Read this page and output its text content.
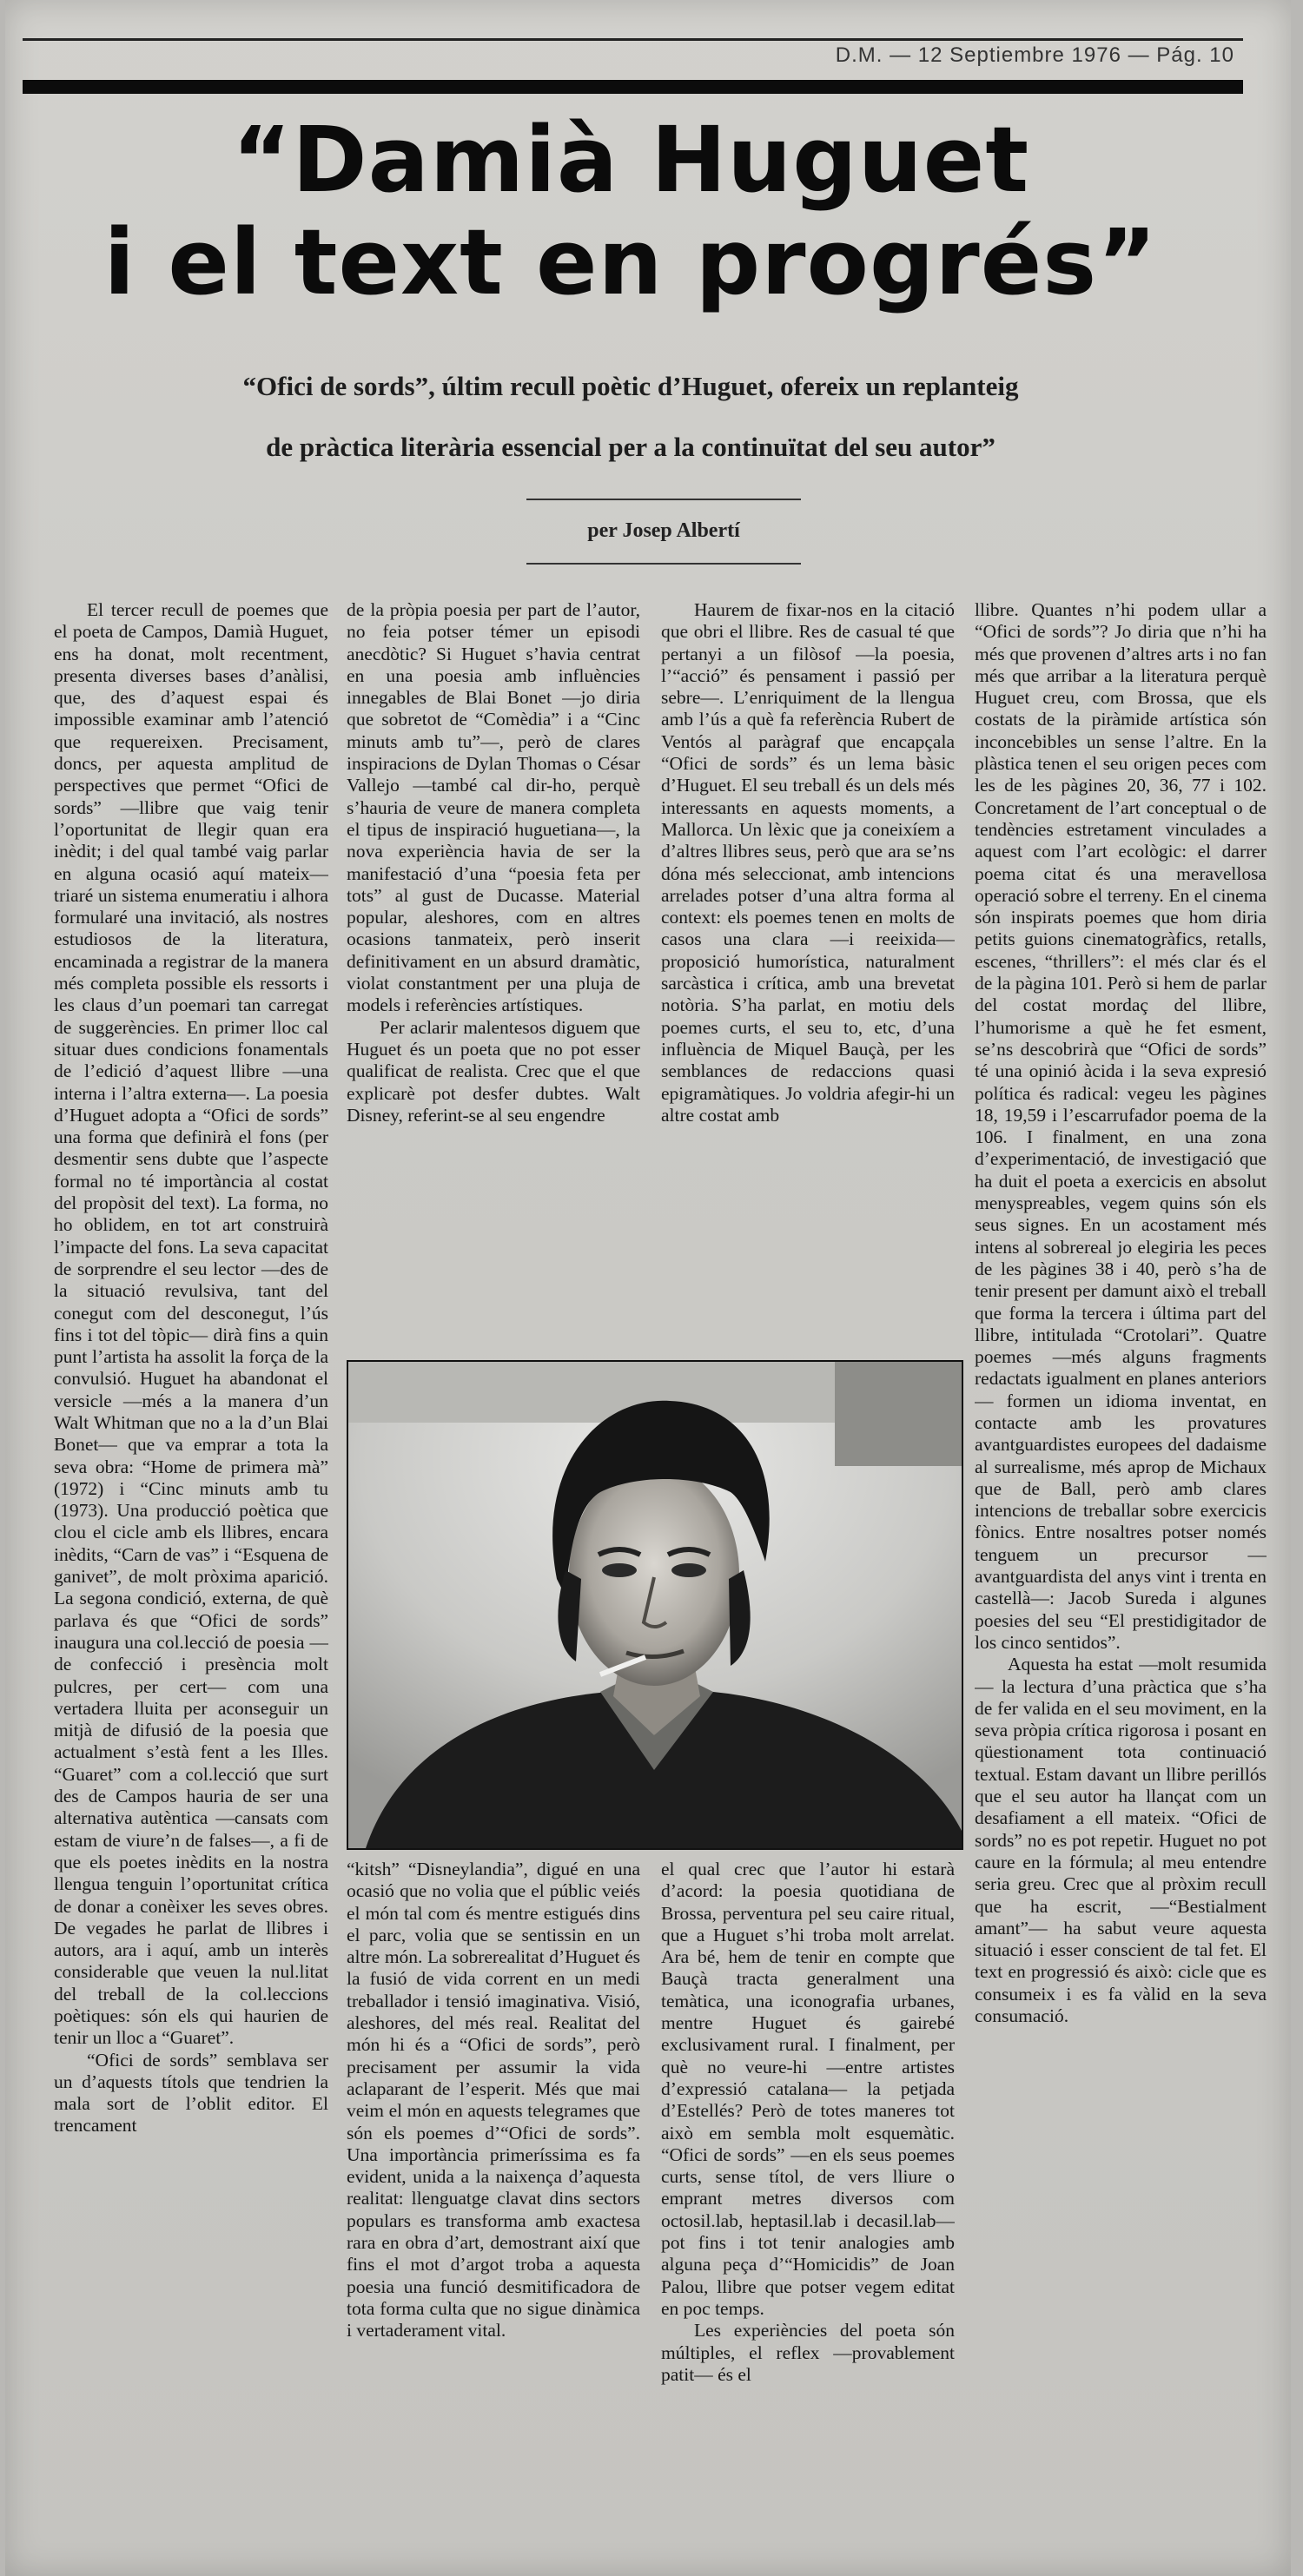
D.M. — 12 Septiembre 1976 — Pág. 10
“Damià Huguet
i el text en progrés”
“Ofici de sords”, últim recull poètic d’Huguet, ofereix un replanteig
de pràctica literària essencial per a la continuïtat del seu autor”
per Josep Albertí

El tercer recull de poemes que el poeta de Campos, Damià Huguet, ens ha donat, molt recentment, presenta diverses bases d’anàlisi, que, des d’aquest espai és impossible examinar amb l’atenció que requereixen. Precisament, doncs, per aquesta amplitud de perspectives que permet “Ofici de sords” —llibre que vaig tenir l’oportunitat de llegir quan era inèdit; i del qual també vaig parlar en alguna ocasió aquí mateix— triaré un sistema enumeratiu i alhora formularé una invitació, als nostres estudiosos de la literatura, encaminada a registrar de la manera més completa possible els ressorts i les claus d’un poemari tan carregat de suggerències. En primer lloc cal situar dues condicions fonamentals de l’edició d’aquest llibre —una interna i l’altra externa—. La poesia d’Huguet adopta a “Ofici de sords” una forma que definirà el fons (per desmentir sens dubte que l’aspecte formal no té importància al costat del propòsit del text). La forma, no ho oblidem, en tot art construirà l’impacte del fons. La seva capacitat de sorprendre el seu lector —des de la situació revulsiva, tant del conegut com del desconegut, l’ús fins i tot del tòpic— dirà fins a quin punt l’artista ha assolit la força de la convulsió. Huguet ha abandonat el versicle —més a la manera d’un Walt Whitman que no a la d’un Blai Bonet— que va emprar a tota la seva obra: “Home de primera mà” (1972) i “Cinc minuts amb tu (1973). Una producció poètica que clou el cicle amb els llibres, encara inèdits, “Carn de vas” i “Esquena de ganivet”, de molt pròxima aparició. La segona condició, externa, de què parlava és que “Ofici de sords” inaugura una col.lecció de poesia —de confecció i presència molt pulcres, per cert— com una vertadera lluita per aconseguir un mitjà de difusió de la poesia que actualment s’està fent a les Illes. “Guaret” com a col.lecció que surt des de Campos hauria de ser una alternativa autèntica —cansats com estam de viure’n de falses—, a fi de que els poetes inèdits en la nostra llengua tenguin l’oportunitat crítica de donar a conèixer les seves obres. De vegades he parlat de llibres i autors, ara i aquí, amb un interès considerable que veuen la nul.litat del treball de la col.leccions poètiques: són els qui haurien de tenir un lloc a “Guaret”.

“Ofici de sords” semblava ser un d’aquests títols que tendrien la mala sort de l’oblit editor. El trencament

de la pròpia poesia per part de l’autor, no feia potser témer un episodi anecdòtic? Si Huguet s’havia centrat en una poesia amb influències innegables de Blai Bonet —jo diria que sobretot de “Comèdia” i a “Cinc minuts amb tu”—, però de clares inspiracions de Dylan Thomas o César Vallejo —també cal dir-ho, perquè s’hauria de veure de manera completa el tipus de inspiració huguetiana—, la nova experiència havia de ser la manifestació d’una “poesia feta per tots” al gust de Ducasse. Material popular, aleshores, com en altres ocasions tanmateix, però inserit definitivament en un absurd dramàtic, violat constantment per una pluja de models i referències artístiques.

Per aclarir malentesos diguem que Huguet és un poeta que no pot esser qualificat de realista. Crec que el que explicarè pot desfer dubtes. Walt Disney, referint-se al seu engendre

Haurem de fixar-nos en la citació que obri el llibre. Res de casual té que pertanyi a un filòsof —la poesia, l’“acció” és pensament i passió per sebre—. L’enriquiment de la llengua amb l’ús a què fa referència Rubert de Ventós al paràgraf que encapçala “Ofici de sords” és un lema bàsic d’Huguet. El seu treball és un dels més interessants en aquests moments, a Mallorca. Un lèxic que ja coneixíem a d’altres llibres seus, però que ara se’ns dóna més seleccionat, amb intencions arrelades potser d’una altra forma al context: els poemes tenen en molts de casos una clara —i reeixida— proposició humorística, naturalment sarcàstica i crítica, amb una brevetat notòria. S’ha parlat, en motiu dels poemes curts, el seu to, etc, d’una influència de Miquel Bauçà, per les semblances de redaccions quasi epigramàtiques. Jo voldria afegir-hi un altre costat amb

“kitsh” “Disneylandia”, digué en una ocasió que no volia que el públic veiés el món tal com és mentre estigués dins el parc, volia que se sentissin en un altre món. La sobrerealitat d’Huguet és la fusió de vida corrent en un medi treballador i tensió imaginativa. Visió, aleshores, del més real. Realitat del món hi és a “Ofici de sords”, però precisament per assumir la vida aclaparant de l’esperit. Més que mai veim el món en aquests telegrames que són els poemes d’“Ofici de sords”. Una importància primeríssima es fa evident, unida a la naixença d’aquesta realitat: llenguatge clavat dins sectors populars es transforma amb exactesa rara en obra d’art, demostrant així que fins el mot d’argot troba a aquesta poesia una funció desmitificadora de tota forma culta que no sigue dinàmica i vertaderament vital.

el qual crec que l’autor hi estarà d’acord: la poesia quotidiana de Brossa, perventura pel seu caire ritual, que a Huguet s’hi troba molt arrelat. Ara bé, hem de tenir en compte que Bauçà tracta generalment una temàtica, una iconografia urbanes, mentre Huguet és gairebé exclusivament rural. I finalment, per què no veure-hi —entre artistes d’expressió catalana— la petjada d’Estellés? Però de totes maneres tot això em sembla molt esquemàtic. “Ofici de sords” —en els seus poemes curts, sense títol, de vers lliure o emprant metres diversos com octosil.lab, heptasil.lab i decasil.lab— pot fins i tot tenir analogies amb alguna peça d’“Homicidis” de Joan Palou, llibre que potser vegem editat en poc temps.

Les experiències del poeta són múltiples, el reflex —provablement patit— és el

llibre. Quantes n’hi podem ullar a “Ofici de sords”? Jo diria que n’hi ha més que provenen d’altres arts i no fan més que arribar a la literatura perquè Huguet creu, com Brossa, que els costats de la piràmide artística són inconcebibles un sense l’altre. En la plàstica tenen el seu origen peces com les de les pàgines 20, 36, 77 i 102. Concretament de l’art conceptual o de tendències estretament vinculades a aquest com l’art ecològic: el darrer poema citat és una meravellosa operació sobre el terreny. En el cinema són inspirats poemes que hom diria petits guions cinematogràfics, retalls, escenes, “thrillers”: el més clar és el de la pàgina 101. Però si hem de parlar del costat mordaç del llibre, l’humorisme a què he fet esment, se’ns descobrirà que “Ofici de sords” té una opinió àcida i la seva expresió política és radical: vegeu les pàgines 18, 19,59 i l’escarrufador poema de la 106. I finalment, en una zona d’experimentació, de investigació que ha duit el poeta a exercicis en absolut menyspreables, vegem quins són els seus signes. En un acostament més intens al sobrereal jo elegiria les peces de les pàgines 38 i 40, però s’ha de tenir present per damunt això el treball que forma la tercera i última part del llibre, intitulada “Crotolari”. Quatre poemes —més alguns fragments redactats igualment en planes anteriors— formen un idioma inventat, en contacte amb les provatures avantguardistes europees del dadaisme al surrealisme, més aprop de Michaux que de Ball, però amb clares intencions de treballar sobre exercicis fònics. Entre nosaltres potser només tenguem un precursor —avantguardista del anys vint i trenta en castellà—: Jacob Sureda i algunes poesies del seu “El prestidigitador de los cinco sentidos”.

Aquesta ha estat —molt resumida— la lectura d’una pràctica que s’ha de fer valida en el seu moviment, en la seva pròpia crítica rigorosa i posant en qüestionament tota continuació textual. Estam davant un llibre perillós que el seu autor ha llançat com un desafiament a ell mateix. “Ofici de sords” no es pot repetir. Huguet no pot caure en la fórmula; al meu entendre seria greu. Crec que al pròxim recull que ha escrit, —“Bestialment amant”— ha sabut veure aquesta situació i esser conscient de tal fet. El text en progressió és això: cicle que es consumeix i es fa vàlid en la seva consumació.
